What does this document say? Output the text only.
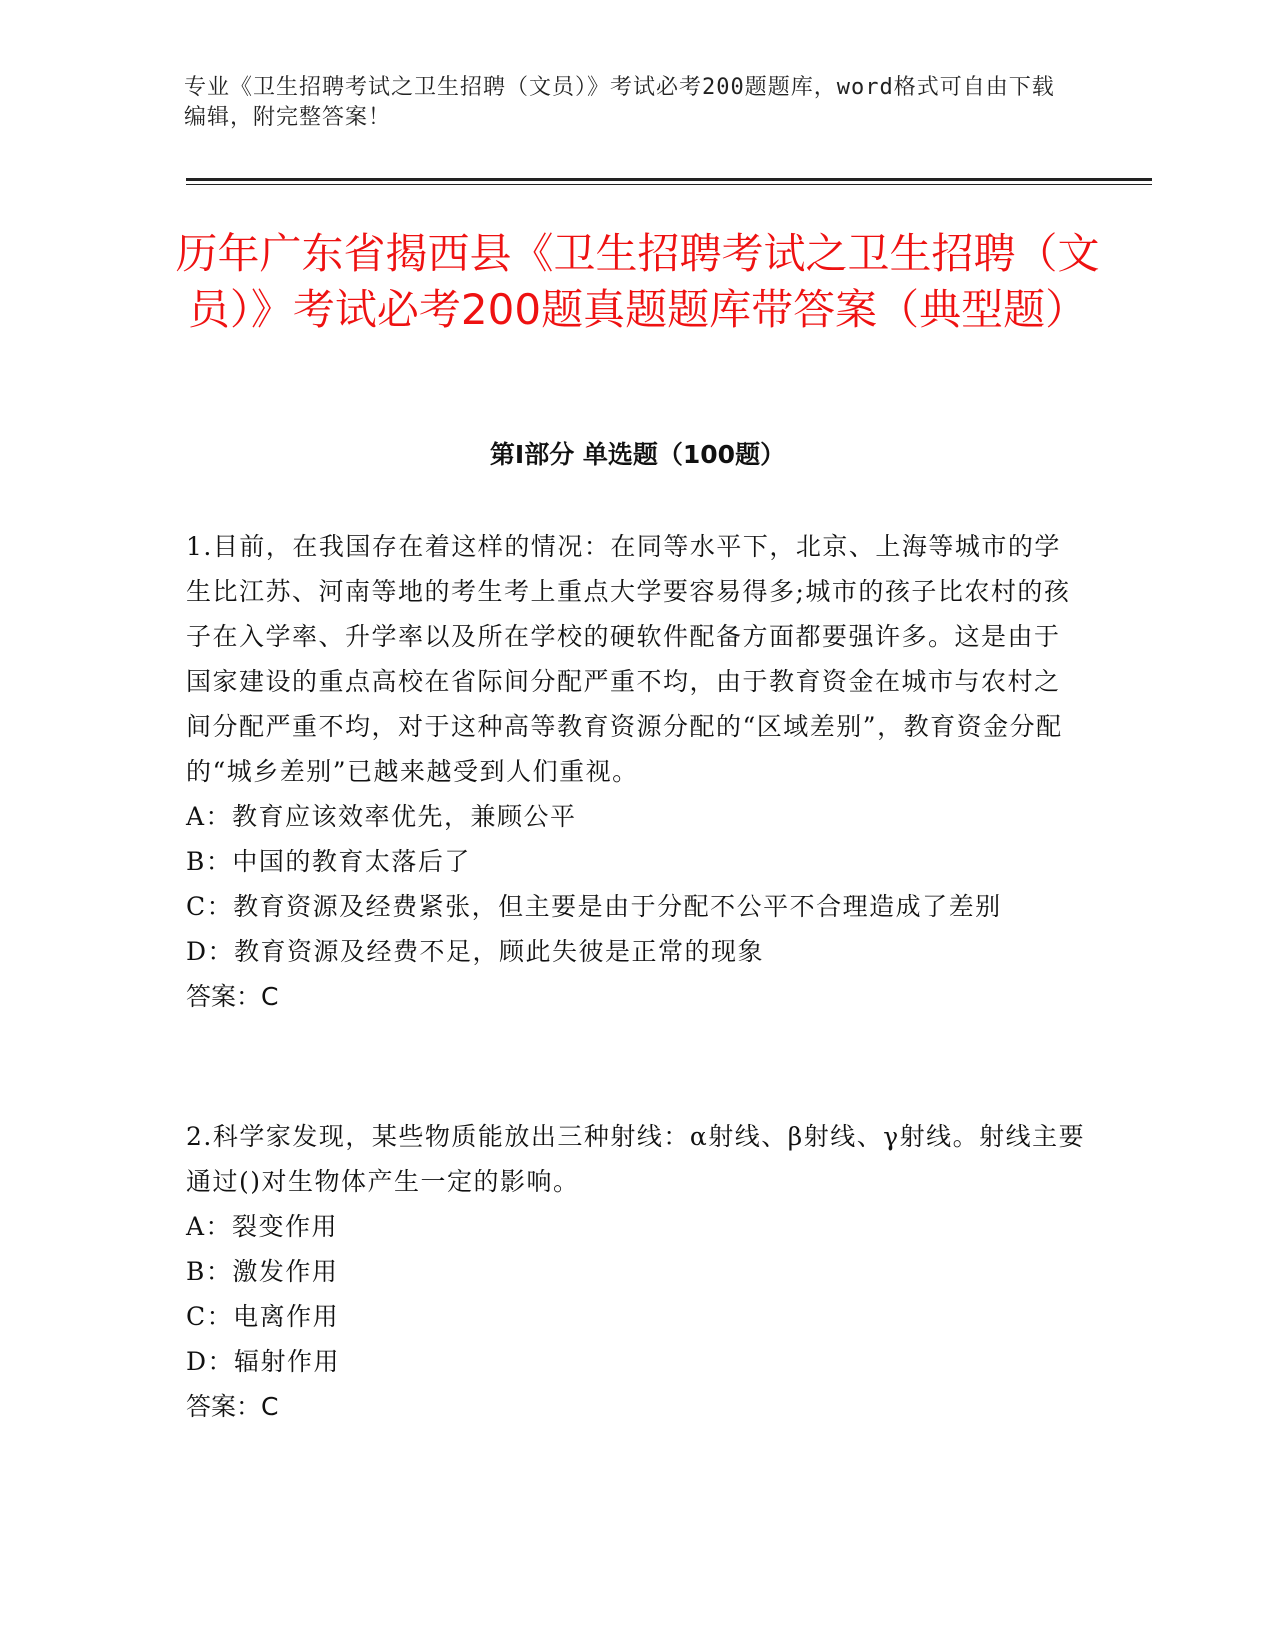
专业《卫生招聘考试之卫生招聘（文员）》考试必考200题题库，word格式可自由下载编辑，附完整答案！
历年广东省揭西县《卫生招聘考试之卫生招聘（文员）》考试必考200题真题题库带答案（典型题）
第Ⅰ部分 单选题（100题）

1.目前，在我国存在着这样的情况：在同等水平下，北京、上海等城市的学生比江苏、河南等地的考生考上重点大学要容易得多;城市的孩子比农村的孩子在入学率、升学率以及所在学校的硬软件配备方面都要强许多。这是由于国家建设的重点高校在省际间分配严重不均，由于教育资金在城市与农村之间分配严重不均，对于这种高等教育资源分配的“区域差别”，教育资金分配的“城乡差别”已越来越受到人们重视。

A：教育应该效率优先，兼顾公平

B：中国的教育太落后了

C：教育资源及经费紧张，但主要是由于分配不公平不合理造成了差别

D：教育资源及经费不足，顾此失彼是正常的现象

答案：C

2.科学家发现，某些物质能放出三种射线：α射线、β射线、γ射线。射线主要通过()对生物体产生一定的影响。

A：裂变作用

B：激发作用

C：电离作用

D：辐射作用

答案：C
